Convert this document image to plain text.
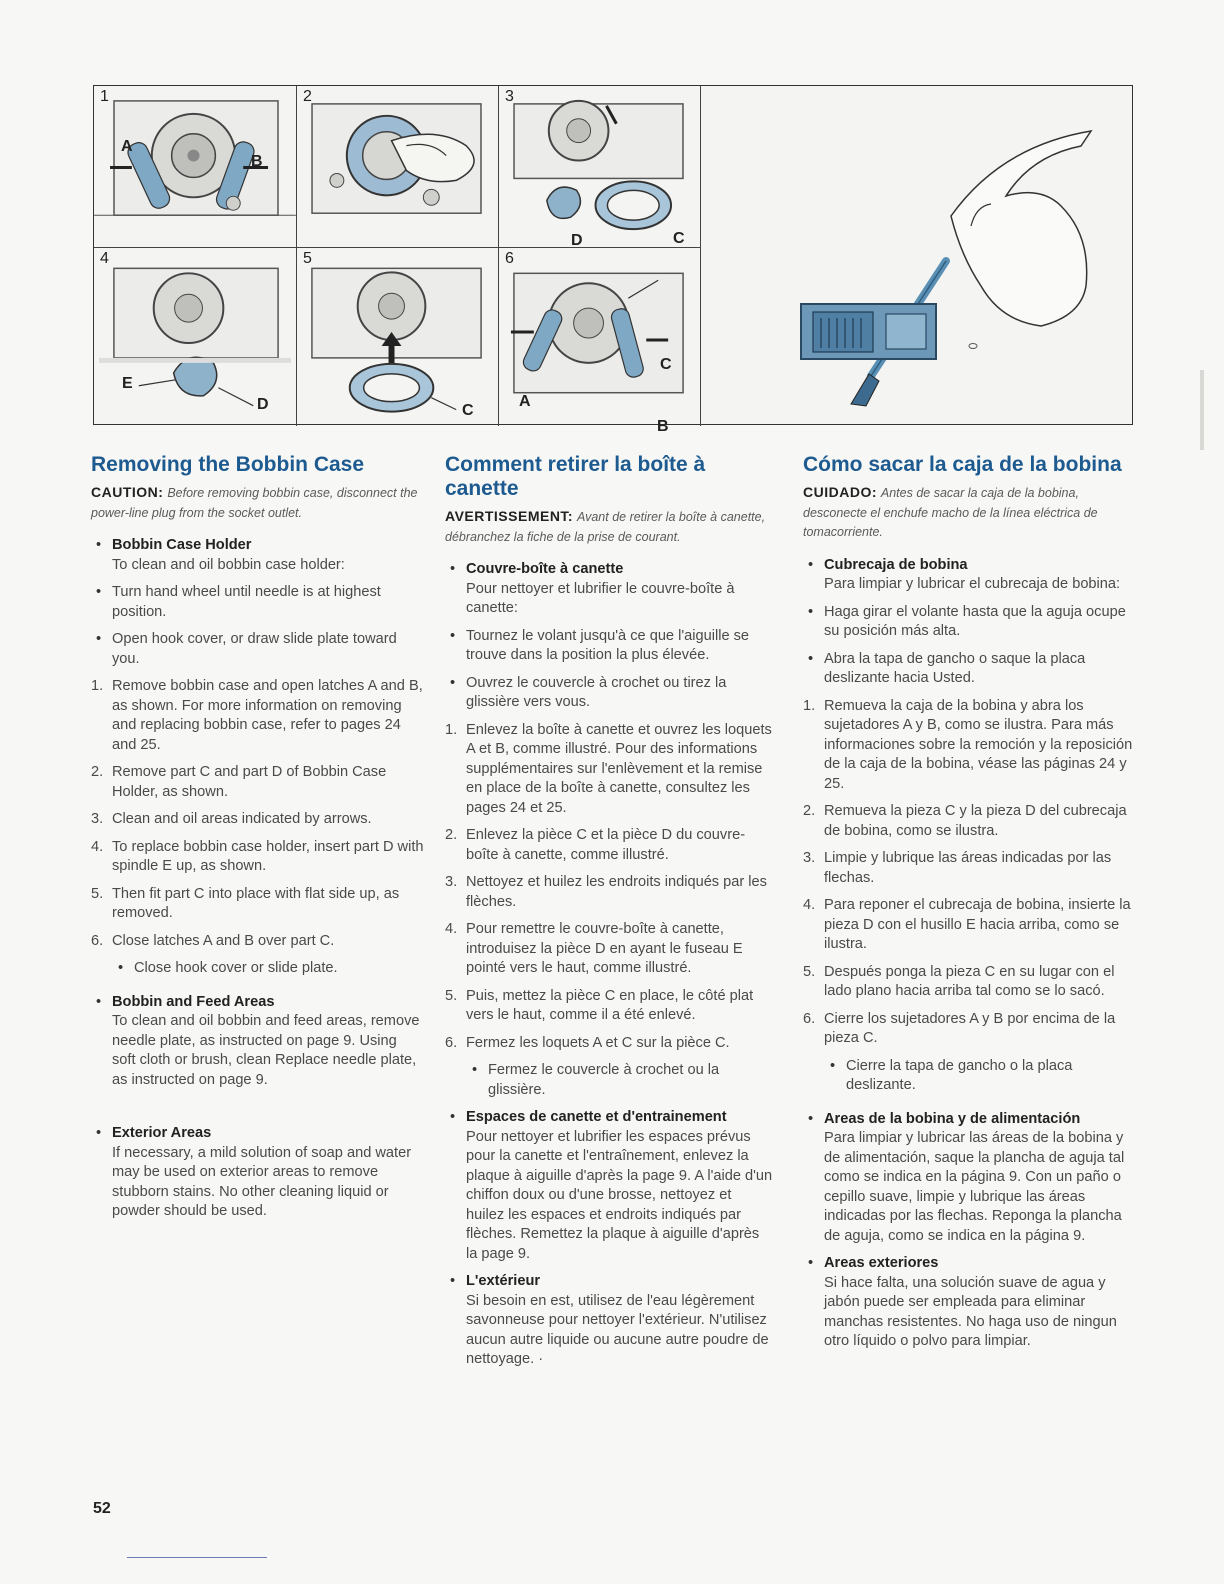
1
A
B
2	3
D	C
4
E
D
5
C
6
C
A
B
Removing the Bobbin Case
CAUTION: Before removing bobbin case, disconnect the power-line plug from the socket outlet.
• Bobbin Case Holder
To clean and oil bobbin case holder:
• Turn hand wheel until needle is at highest position.
• Open hook cover, or draw slide plate toward you.
1. Remove bobbin case and open latches A and B, as shown. For more information on removing and replacing bobbin case, refer to pages 24 and 25.
2. Remove part C and part D of Bobbin Case Holder, as shown.
3. Clean and oil areas indicated by arrows.
4. To replace bobbin case holder, insert part D with spindle E up, as shown.
5. Then fit part C into place with flat side up, as removed.
6. Close latches A and B over part C.
• Close hook cover or slide plate.
• Bobbin and Feed Areas
To clean and oil bobbin and feed areas, remove needle plate, as instructed on page 9. Using soft cloth or brush, clean Replace needle plate, as instructed on page 9.
• Exterior Areas
If necessary, a mild solution of soap and water may be used on exterior areas to remove stubborn stains. No other cleaning liquid or powder should be used.
Comment retirer la boîte à canette
AVERTISSEMENT: Avant de retirer la boîte à canette, débranchez la fiche de la prise de courant.
• Couvre-boîte à canette
Pour nettoyer et lubrifier le couvre-boîte à canette:
• Tournez le volant jusqu'à ce que l'aiguille se trouve dans la position la plus élevée.
• Ouvrez le couvercle à crochet ou tirez la glissière vers vous.
1. Enlevez la boîte à canette et ouvrez les loquets A et B, comme illustré. Pour des informations supplémentaires sur l'enlèvement et la remise en place de la boîte à canette, consultez les pages 24 et 25.
2. Enlevez la pièce C et la pièce D du couvre-boîte à canette, comme illustré.
3. Nettoyez et huilez les endroits indiqués par les flèches.
4. Pour remettre le couvre-boîte à canette, introduisez la pièce D en ayant le fuseau E pointé vers le haut, comme illustré.
5. Puis, mettez la pièce C en place, le côté plat vers le haut, comme il a été enlevé.
6. Fermez les loquets A et C sur la pièce C.
• Fermez le couvercle à crochet ou la glissière.
• Espaces de canette et d'entrainement
Pour nettoyer et lubrifier les espaces prévus pour la canette et l'entraînement, enlevez la plaque à aiguille d'après la page 9. A l'aide d'un chiffon doux ou d'une brosse, nettoyez et huilez les espaces et endroits indiqués par flèches. Remettez la plaque à aiguille d'après la page 9.
• L'extérieur
Si besoin en est, utilisez de l'eau légèrement savonneuse pour nettoyer l'extérieur. N'utilisez aucun autre liquide ou aucune autre poudre de nettoyage. ·
Cómo sacar la caja de la bobina
CUIDADO: Antes de sacar la caja de la bobina, desconecte el enchufe macho de la línea eléctrica de tomacorriente.
• Cubrecaja de bobina
Para limpiar y lubricar el cubrecaja de bobina:
• Haga girar el volante hasta que la aguja ocupe su posición más alta.
• Abra la tapa de gancho o saque la placa deslizante hacia Usted.
1. Remueva la caja de la bobina y abra los sujetadores A y B, como se ilustra. Para más informaciones sobre la remoción y la reposición de la caja de la bobina, véase las páginas 24 y 25.
2. Remueva la pieza C y la pieza D del cubrecaja de bobina, como se ilustra.
3. Limpie y lubrique las áreas indicadas por las flechas.
4. Para reponer el cubrecaja de bobina, insierte la pieza D con el husillo E hacia arriba, como se ilustra.
5. Después ponga la pieza C en su lugar con el lado plano hacia arriba tal como se lo sacó.
6. Cierre los sujetadores A y B por encima de la pieza C.
• Cierre la tapa de gancho o la placa deslizante.
• Areas de la bobina y de alimentación
Para limpiar y lubricar las áreas de la bobina y de alimentación, saque la plancha de aguja tal como se indica en la página 9. Con un paño o cepillo suave, limpie y lubrique las áreas indicadas por las flechas. Reponga la plancha de aguja, como se indica en la página 9.
• Areas exteriores
Si hace falta, una solución suave de agua y jabón puede ser empleada para eliminar manchas resistentes. No haga uso de ningun otro líquido o polvo para limpiar.
52
